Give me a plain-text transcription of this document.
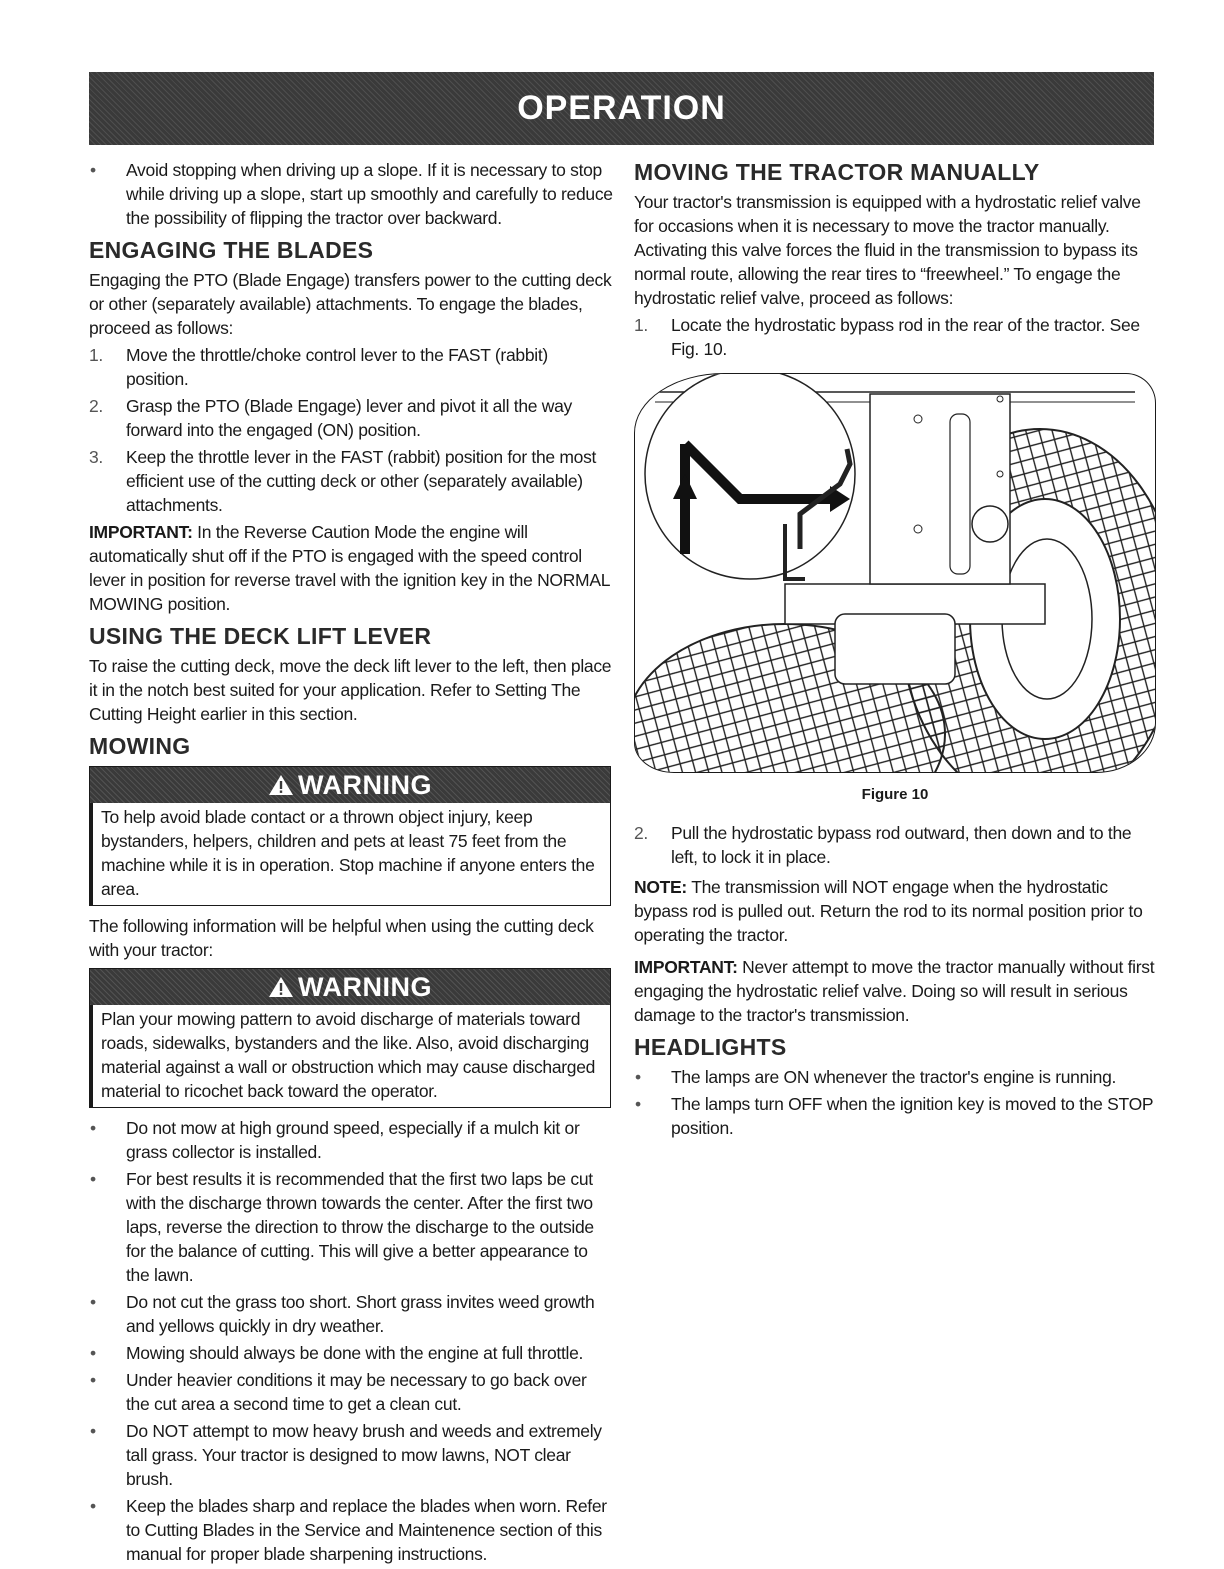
OPERATION
•	Avoid stopping when driving up a slope. If it is necessary to stop while driving up a slope, start up smoothly and carefully to reduce the possibility of flipping the tractor over backward.
ENGAGING THE BLADES

Engaging the PTO (Blade Engage) transfers power to the cutting deck or other (separately available) attachments. To engage the blades, proceed as follows:

1.	Move the throttle/choke control lever to the FAST (rabbit) position.
2.	Grasp the PTO (Blade Engage) lever and pivot it all the way forward into the engaged (ON) position.
3.	Keep the throttle lever in the FAST (rabbit) position for the most efficient use of the cutting deck or other (separately available) attachments.

IMPORTANT: In the Reverse Caution Mode the engine will automatically shut off if the PTO is engaged with the speed control lever in position for reverse travel with the ignition key in the NORMAL MOWING position.

USING THE DECK LIFT LEVER

To raise the cutting deck, move the deck lift lever to the left, then place it in the notch best suited for your application. Refer to Setting The Cutting Height earlier in this section.

MOWING
WARNING

To help avoid blade contact or a thrown object injury, keep bystanders, helpers, children and pets at least 75 feet from the machine while it is in operation. Stop machine if anyone enters the area.

The following information will be helpful when using the cutting deck with your tractor:

WARNING

Plan your mowing pattern to avoid discharge of materials toward roads, sidewalks, bystanders and the like. Also, avoid discharging material against a wall or obstruction which may cause discharged material to ricochet back toward the operator.

•	Do not mow at high ground speed, especially if a mulch kit or grass collector is installed.
•	For best results it is recommended that the first two laps be cut with the discharge thrown towards the center. After the first two laps, reverse the direction to throw the discharge to the outside for the balance of cutting. This will give a better appearance to the lawn.
•	Do not cut the grass too short. Short grass invites weed growth and yellows quickly in dry weather.
•	Mowing should always be done with the engine at full throttle.
•	Under heavier conditions it may be necessary to go back over the cut area a second time to get a clean cut.
•	Do NOT attempt to mow heavy brush and weeds and extremely tall grass. Your tractor is designed to mow lawns, NOT clear brush.
•	Keep the blades sharp and replace the blades when worn. Refer to Cutting Blades in the Service and Maintenence section of this manual for proper blade sharpening instructions.
MOVING THE TRACTOR MANUALLY

Your tractor's transmission is equipped with a hydrostatic relief valve for occasions when it is necessary to move the tractor manually. Activating this valve forces the fluid in the transmission to bypass its normal route, allowing the rear tires to “freewheel.” To engage the hydrostatic relief valve, proceed as follows:

1.	Locate the hydrostatic bypass rod in the rear of the tractor. See Fig. 10.

Figure 10

2.	Pull the hydrostatic bypass rod outward, then down and to the left, to lock it in place.

NOTE: The transmission will NOT engage when the hydrostatic bypass rod is pulled out. Return the rod to its normal position prior to operating the tractor.

IMPORTANT: Never attempt to move the tractor manually without first engaging the hydrostatic relief valve. Doing so will result in serious damage to the tractor's transmission.

HEADLIGHTS
•	The lamps are ON whenever the tractor's engine is running.
•	The lamps turn OFF when the ignition key is moved to the STOP position.
